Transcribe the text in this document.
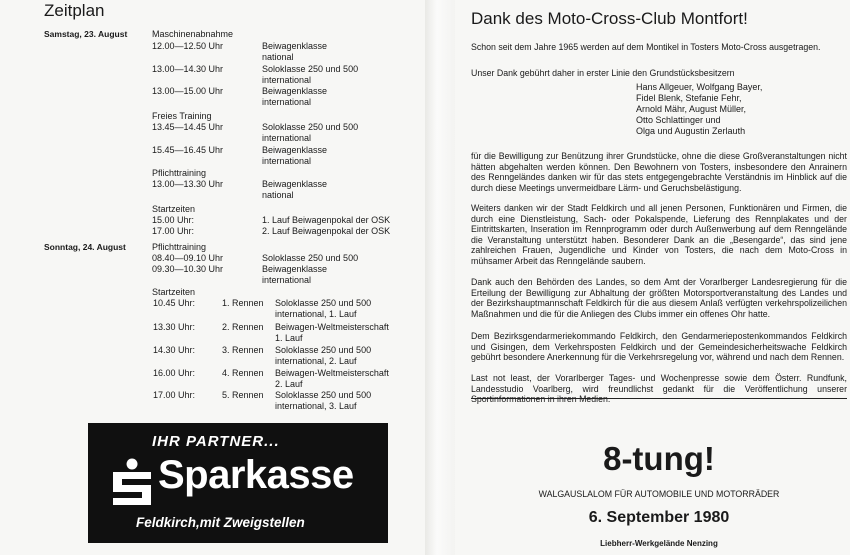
Zeitplan
Samstag, 23. August	Maschinenabnahme
12.00—12.50 Uhr	Beiwagenklasse
national
13.00—14.30 Uhr	Soloklasse 250 und 500
international
13.00—15.00 Uhr	Beiwagenklasse
international
Freies Training
13.45—14.45 Uhr	Soloklasse 250 und 500
international
15.45—16.45 Uhr	Beiwagenklasse
international
Pflichttraining
13.00—13.30 Uhr	Beiwagenklasse
national
Startzeiten
15.00 Uhr:	1. Lauf Beiwagenpokal der OSK
17.00 Uhr:	2. Lauf Beiwagenpokal der OSK
Sonntag, 24. August	Pflichttraining
08.40—09.10 Uhr	Soloklasse 250 und 500
09.30—10.30 Uhr	Beiwagenklasse
international
Startzeiten
10.45 Uhr:	1. Rennen Soloklasse 250 und 500
international, 1. Lauf
13.30 Uhr:	2. Rennen Beiwagen-Weltmeisterschaft
1. Lauf
14.30 Uhr:	3. Rennen Soloklasse 250 und 500
international, 2. Lauf
16.00 Uhr:	4. Rennen Beiwagen-Weltmeisterschaft
2. Lauf
17.00 Uhr:	5. Rennen Soloklasse 250 und 500
international, 3. Lauf
IHR PARTNER...
Sparkasse
Feldkirch,mit Zweigstellen
Dank des Moto-Cross-Club Montfort!
Schon seit dem Jahre 1965 werden auf dem Montikel in Tosters Moto-Cross ausgetragen.
Unser Dank gebührt daher in erster Linie den Grundstücksbesitzern
Hans Allgeuer, Wolfgang Bayer,
Fidel Blenk, Stefanie Fehr,
Arnold Mähr, August Müller,
Otto Schlattinger und
Olga und Augustin Zerlauth
für die Bewilligung zur Benützung ihrer Grundstücke, ohne die diese Großveranstaltungen nicht hätten abgehalten werden können. Den Bewohnern von Tosters, insbesondere den Anrainern des Renngeländes danken wir für das stets entgegengebrachte Verständnis im Hinblick auf die durch diese Meetings unvermeidbare Lärm- und Geruchsbelästigung.
Weiters danken wir der Stadt Feldkirch und all jenen Personen, Funktionären und Firmen, die durch eine Dienstleistung, Sach- oder Pokalspende, Lieferung des Rennplakates und der Eintrittskarten, Inseration im Rennprogramm oder durch Außenwerbung auf dem Renngelände die Veranstaltung unterstützt haben. Besonderer Dank an die „Besengarde“, das sind jene zahlreichen Frauen, Jugendliche und Kinder von Tosters, die nach dem Moto-Cross in mühsamer Arbeit das Renngelände saubern.
Dank auch den Behörden des Landes, so dem Amt der Vorarlberger Landesregierung für die Erteilung der Bewilligung zur Abhaltung der größten Motorsportveranstaltung des Landes und der Bezirkshauptmannschaft Feldkirch für die aus diesem Anlaß verfügten verkehrspolizeilichen Maßnahmen und die für die Anliegen des Clubs immer ein offenes Ohr hatte.
Dem Bezirksgendarmeriekommando Feldkirch, den Gendarmeriepostenkommandos Feldkirch und Gisingen, dem Verkehrsposten Feldkirch und der Gemeindesicherheitswache Feldkirch gebührt besondere Anerkennung für die Verkehrsregelung vor, während und nach dem Rennen.
Last not least, der Vorarlberger Tages- und Wochenpresse sowie dem Österr. Rundfunk, Landesstudio Voarlberg, wird freundlichst gedankt für die Veröffentlichung unserer Sportinformationen in ihren Medien.
8-tung!
WALGAUSLALOM FÜR AUTOMOBILE UND MOTORRÄDER
6. September 1980
Liebherr-Werkgelände Nenzing
